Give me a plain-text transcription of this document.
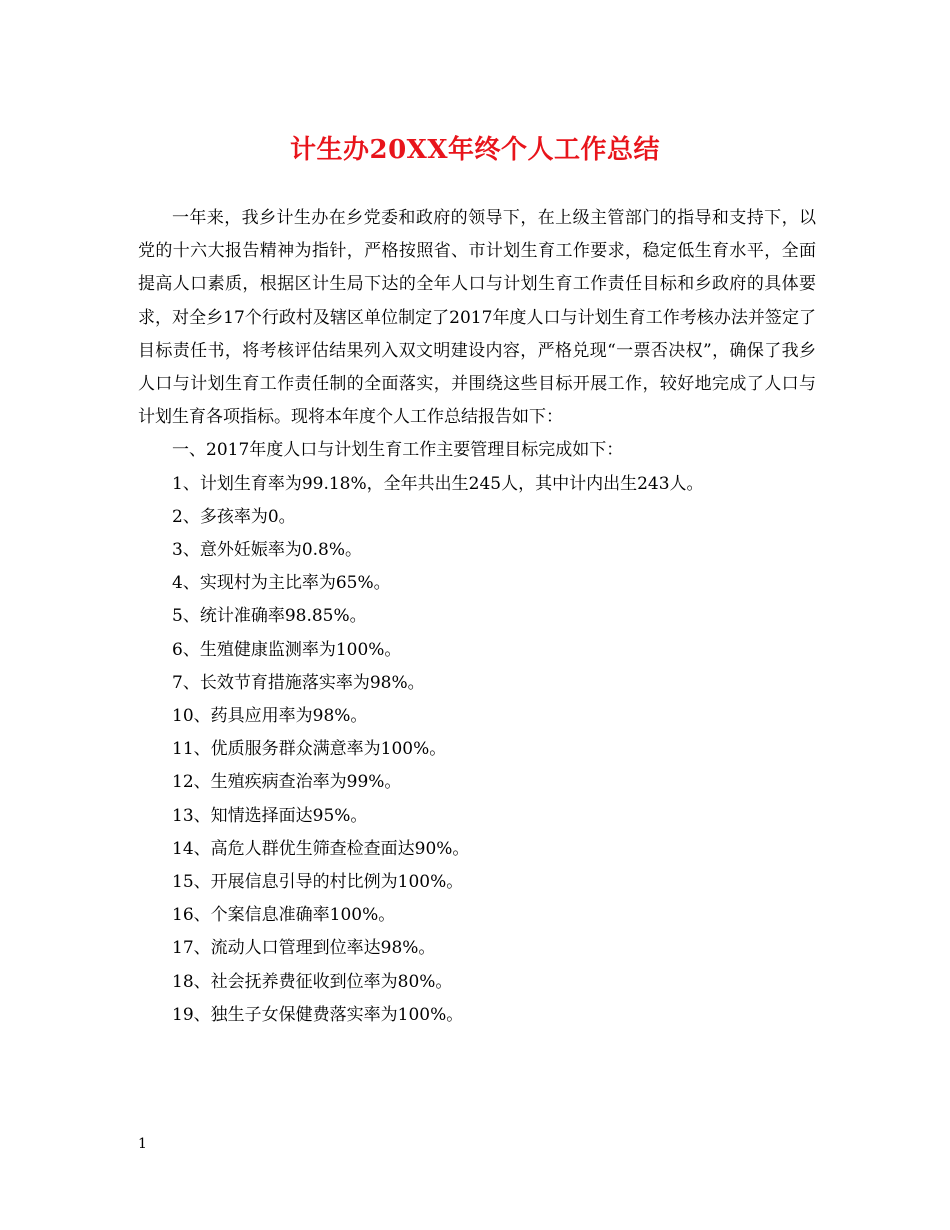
计生办20XX年终个人工作总结

一年来，我乡计生办在乡党委和政府的领导下，在上级主管部门的指导和支持下，以党的十六大报告精神为指针，严格按照省、市计划生育工作要求，稳定低生育水平，全面提高人口素质，根据区计生局下达的全年人口与计划生育工作责任目标和乡政府的具体要求，对全乡17个行政村及辖区单位制定了2017年度人口与计划生育工作考核办法并签定了目标责任书，将考核评估结果列入双文明建设内容，严格兑现“一票否决权”，确保了我乡人口与计划生育工作责任制的全面落实，并围绕这些目标开展工作，较好地完成了人口与计划生育各项指标。现将本年度个人工作总结报告如下：

一、2017年度人口与计划生育工作主要管理目标完成如下：

1、计划生育率为99.18%，全年共出生245人，其中计内出生243人。

2、多孩率为0。

3、意外妊娠率为0.8%。

4、实现村为主比率为65%。

5、统计准确率98.85%。

6、生殖健康监测率为100%。

7、长效节育措施落实率为98%。

10、药具应用率为98%。

11、优质服务群众满意率为100%。

12、生殖疾病查治率为99%。

13、知情选择面达95%。

14、高危人群优生筛查检查面达90%。

15、开展信息引导的村比例为100%。

16、个案信息准确率100%。

17、流动人口管理到位率达98%。

18、社会抚养费征收到位率为80%。

19、独生子女保健费落实率为100%。

1
